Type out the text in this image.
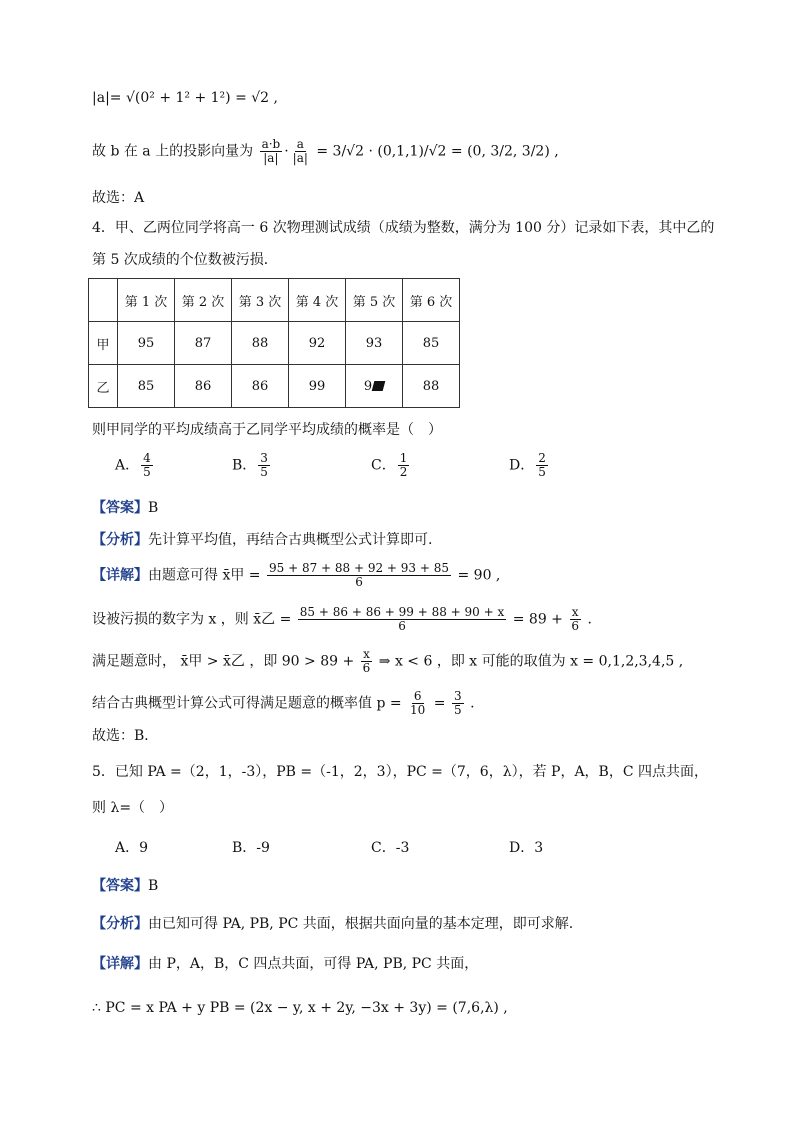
|a|= √(0² + 1² + 1²) = √2 ,
故 b 在 a 上的投影向量为 $\frac{a\cdot b}{|a|} \cdot \frac{a}{|a|} = 3/√2 \cdot (0,1,1)/√2 = (0$, 3/2, 3/2) ,
故选：A
4．甲、乙两位同学将高一 6 次物理测试成绩（成绩为整数，满分为 100 分）记录如下表，其中乙的
第 5 次成绩的个位数被污损．
	第 1 次	第 2 次	第 3 次	第 4 次	第 5 次	第 6 次
甲	95	87	88	92	93	85
乙	85	86	86	99	9	88
则甲同学的平均成绩高于乙同学平均成绩的概率是（　）
A． $\frac{4}{5}$	B． $\frac{3}{5}$	C． $\frac{1}{2}$	D． $\frac{2}{5}$
【答案】B
【分析】先计算平均值，再结合古典概型公式计算即可.
【详解】由题意可得 x̄甲 = $\frac{95 + 87 + 88 + 92 + 93 + 85}{6} = 90$ ,
设被污损的数字为 x ，则 x̄乙 = $\frac{85 + 86 + 86 + 99 + 88 + 90 + x}{6} = 89 + \frac{x}{6}$ .
满足题意时， x̄甲 > x̄乙 ，即 $90 > 89 + \frac{x}{6}$ ⇒ x < 6 ，即 x 可能的取值为 x = 0,1,2,3,4,5 ,
结合古典概型计算公式可得满足题意的概率值 $p = \frac{6}{10} = \frac{3}{5}$ .
故选：B．
5．已知 PA =（2，1，-3），PB =（-1，2，3），PC =（7，6，λ），若 P，A，B，C 四点共面，
则 λ=（　）
A．9	B．-9	C．-3	D．3
【答案】B
【分析】由已知可得 PA, PB, PC 共面，根据共面向量的基本定理，即可求解.
【详解】由 P，A，B，C 四点共面，可得 PA, PB, PC 共面，
∴ PC = x PA + y PB = (2x − y, x + 2y, −3x + 3y) = (7,6,λ) ,
